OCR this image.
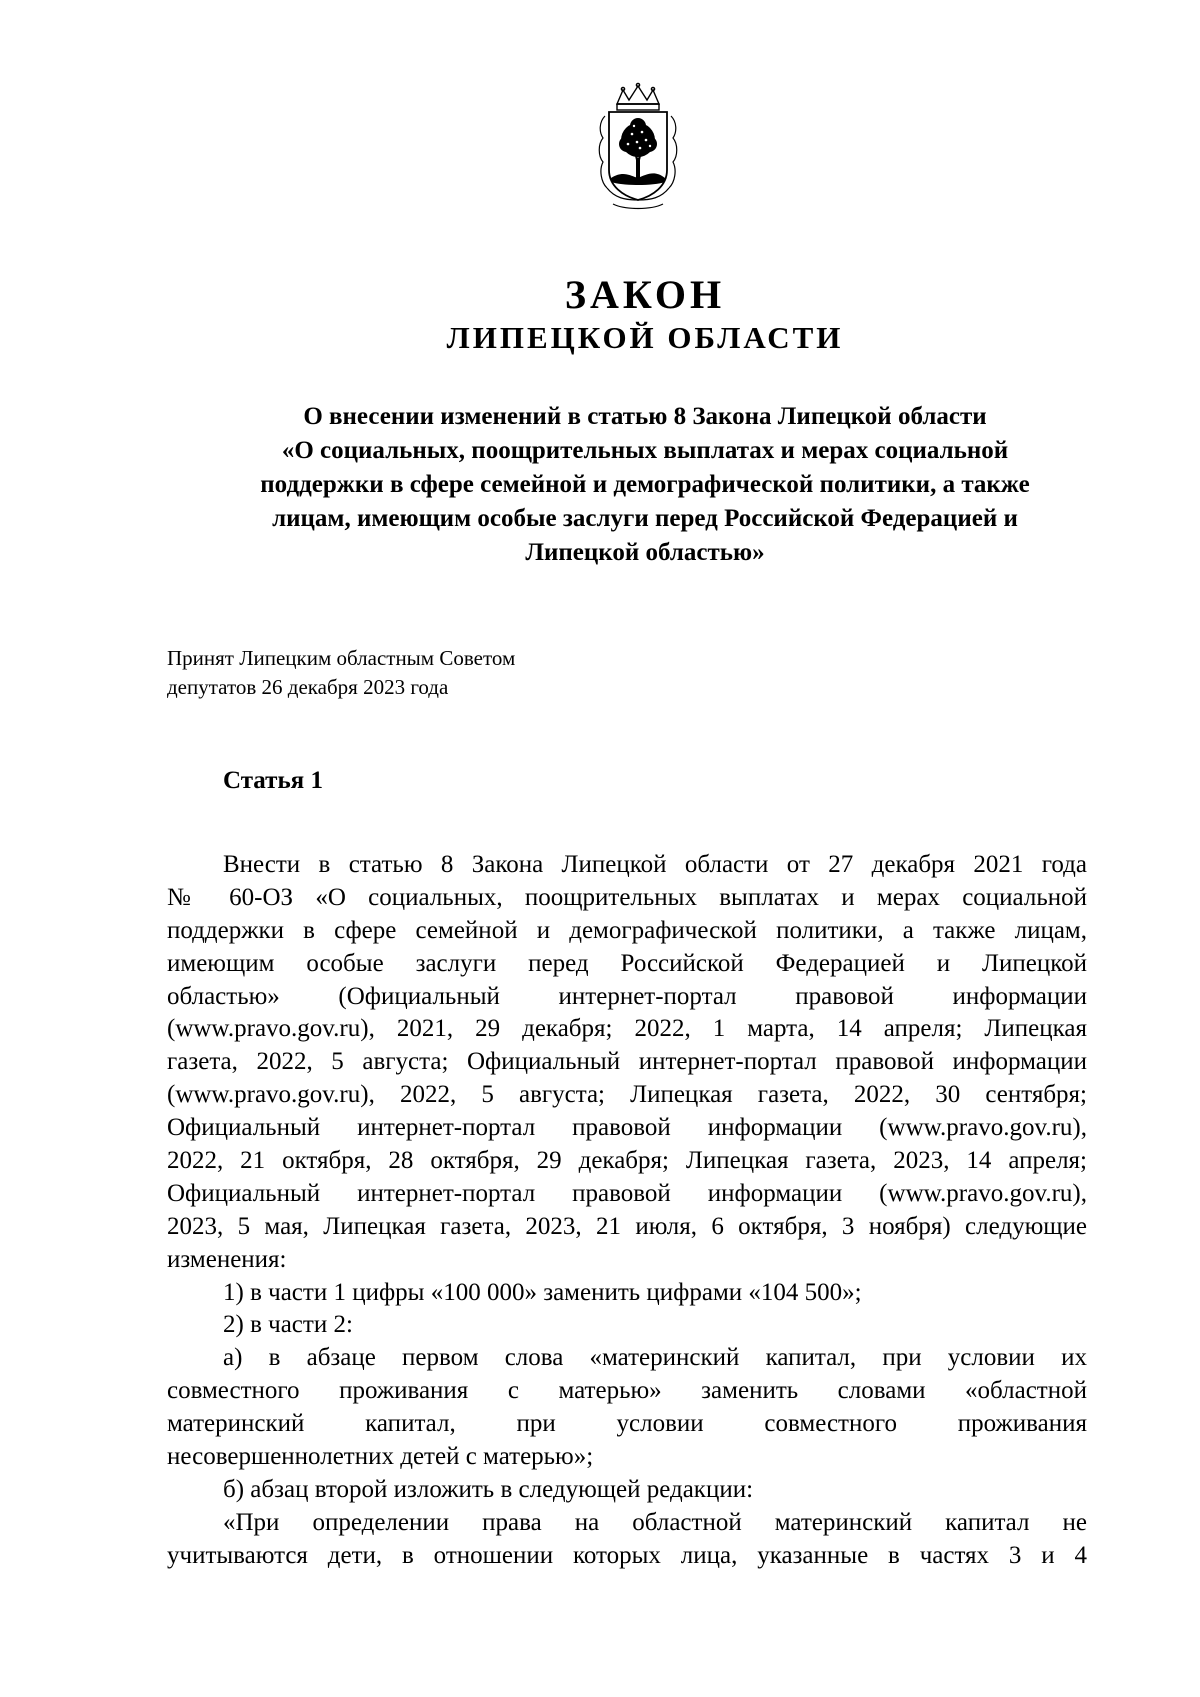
ЗАКОН
ЛИПЕЦКОЙ ОБЛАСТИ
О внесении изменений в статью 8 Закона Липецкой области
«О социальных, поощрительных выплатах и мерах социальной
поддержки в сфере семейной и демографической политики, а также
лицам, имеющим особые заслуги перед Российской Федерацией и
Липецкой областью»
Принят Липецким областным Советом
депутатов 26 декабря 2023 года
Статья 1
Внести в статью 8 Закона Липецкой области от 27 декабря 2021 года
№ 60-ОЗ «О социальных, поощрительных выплатах и мерах социальной
поддержки в сфере семейной и демографической политики, а также лицам,
имеющим особые заслуги перед Российской Федерацией и Липецкой
областью» (Официальный интернет-портал правовой информации
(www.pravo.gov.ru), 2021, 29 декабря; 2022, 1 марта, 14 апреля; Липецкая
газета, 2022, 5 августа; Официальный интернет-портал правовой информации
(www.pravo.gov.ru), 2022, 5 августа; Липецкая газета, 2022, 30 сентября;
Официальный интернет-портал правовой информации (www.pravo.gov.ru),
2022, 21 октября, 28 октября, 29 декабря; Липецкая газета, 2023, 14 апреля;
Официальный интернет-портал правовой информации (www.pravo.gov.ru),
2023, 5 мая, Липецкая газета, 2023, 21 июля, 6 октября, 3 ноября) следующие
изменения:
1) в части 1 цифры «100 000» заменить цифрами «104 500»;
2) в части 2:
а) в абзаце первом слова «материнский капитал, при условии их
совместного проживания с матерью» заменить словами «областной
материнский капитал, при условии совместного проживания
несовершеннолетних детей с матерью»;
б) абзац второй изложить в следующей редакции:
«При определении права на областной материнский капитал не
учитываются дети, в отношении которых лица, указанные в частях 3 и 4
